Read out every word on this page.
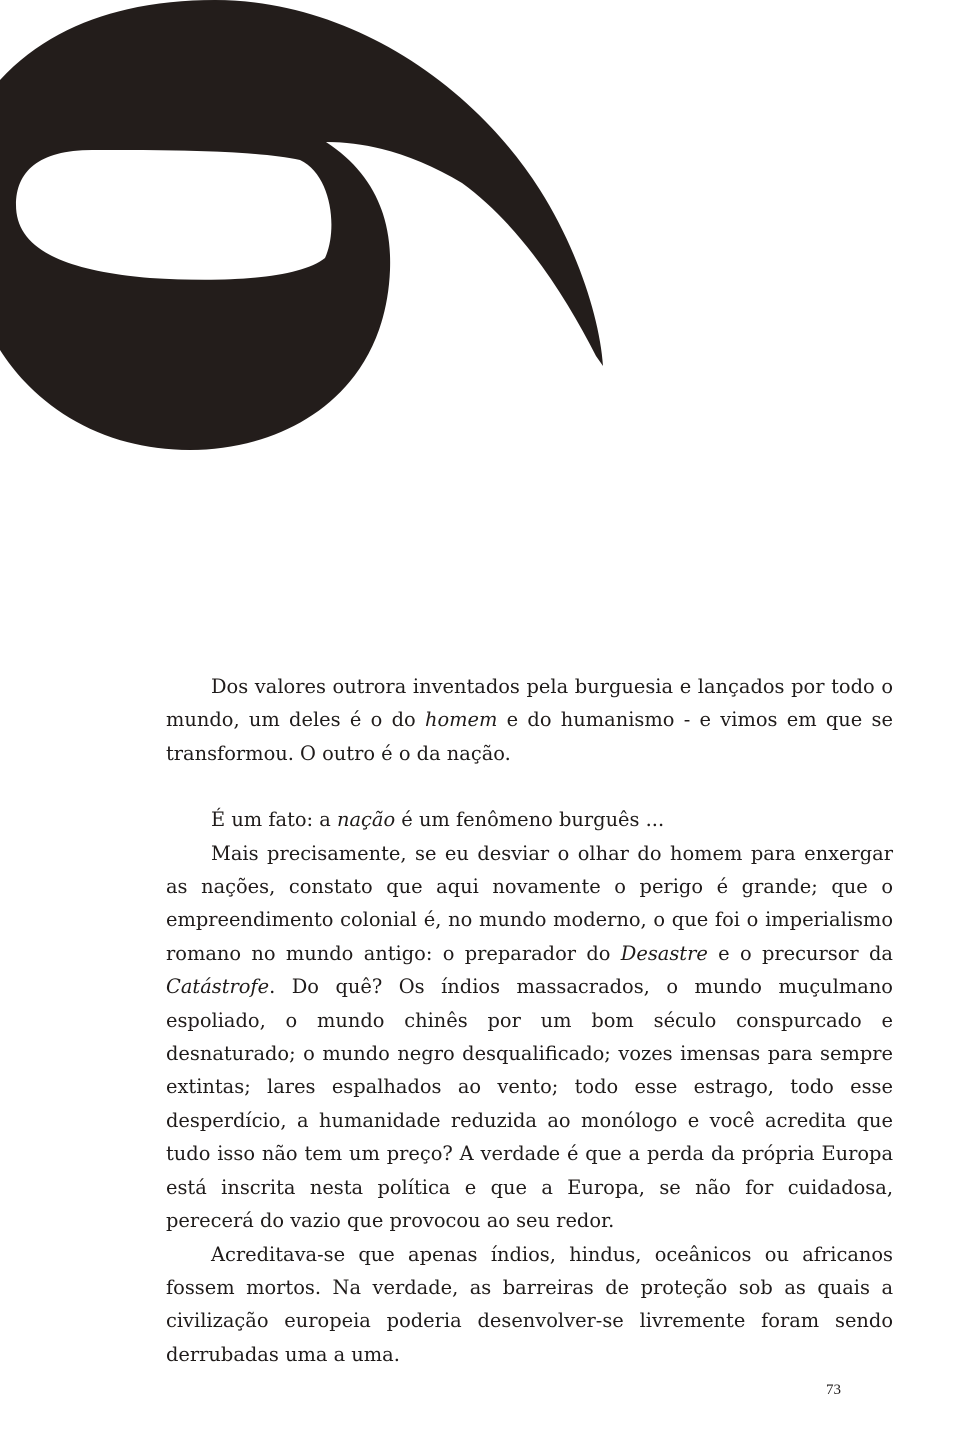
Dos valores outrora inventados pela burguesia e lançados por todo o mundo, um deles é o do homem e do humanismo - e vimos em que se transformou. O outro é o da nação.

É um fato: a nação é um fenômeno burguês ...

Mais precisamente, se eu desviar o olhar do homem para enxergar as nações, constato que aqui novamente o perigo é grande; que o empreendimento colonial é, no mundo moderno, o que foi o imperialismo romano no mundo antigo: o preparador do Desastre e o precursor da Catástrofe. Do quê? Os índios massacrados, o mundo muçulmano espoliado, o mundo chinês por um bom século conspurcado e desnaturado; o mundo negro desqualificado; vozes imensas para sempre extintas; lares espalhados ao vento; todo esse estrago, todo esse desperdício, a humanidade reduzida ao monólogo e você acredita que tudo isso não tem um preço? A verdade é que a perda da própria Europa está inscrita nesta política e que a Europa, se não for cuidadosa, perecerá do vazio que provocou ao seu redor.

Acreditava-se que apenas índios, hindus, oceânicos ou africanos fossem mortos. Na verdade, as barreiras de proteção sob as quais a civilização europeia poderia desenvolver-se livremente foram sendo derrubadas uma a uma.

73
